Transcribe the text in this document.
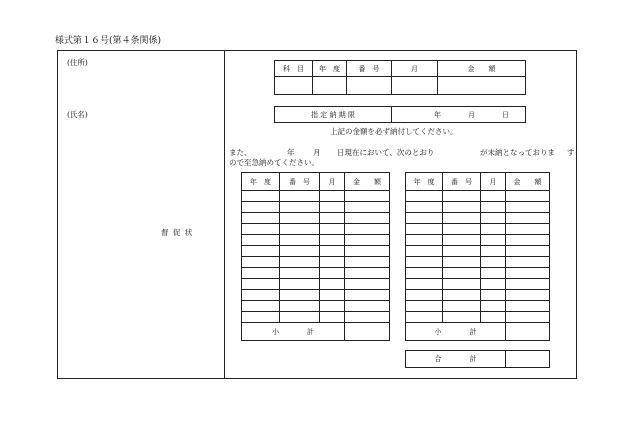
様式第１６号(第４条関係)
(住所)
(氏名)
督 促 状
科　目	年　度	番　号	月	金　　額

指 定 納 期 限	年	月	日
上記の金額を必ず納付してください。
また、	年 月 日現在において、次のとおり	が未納となっておりま す
ので至急納めてください。
年　度	番　号	月	金　　額

小　　　　計			
年　度	番　号	月	金　　額

小　　　　計			
合　　　　計	
